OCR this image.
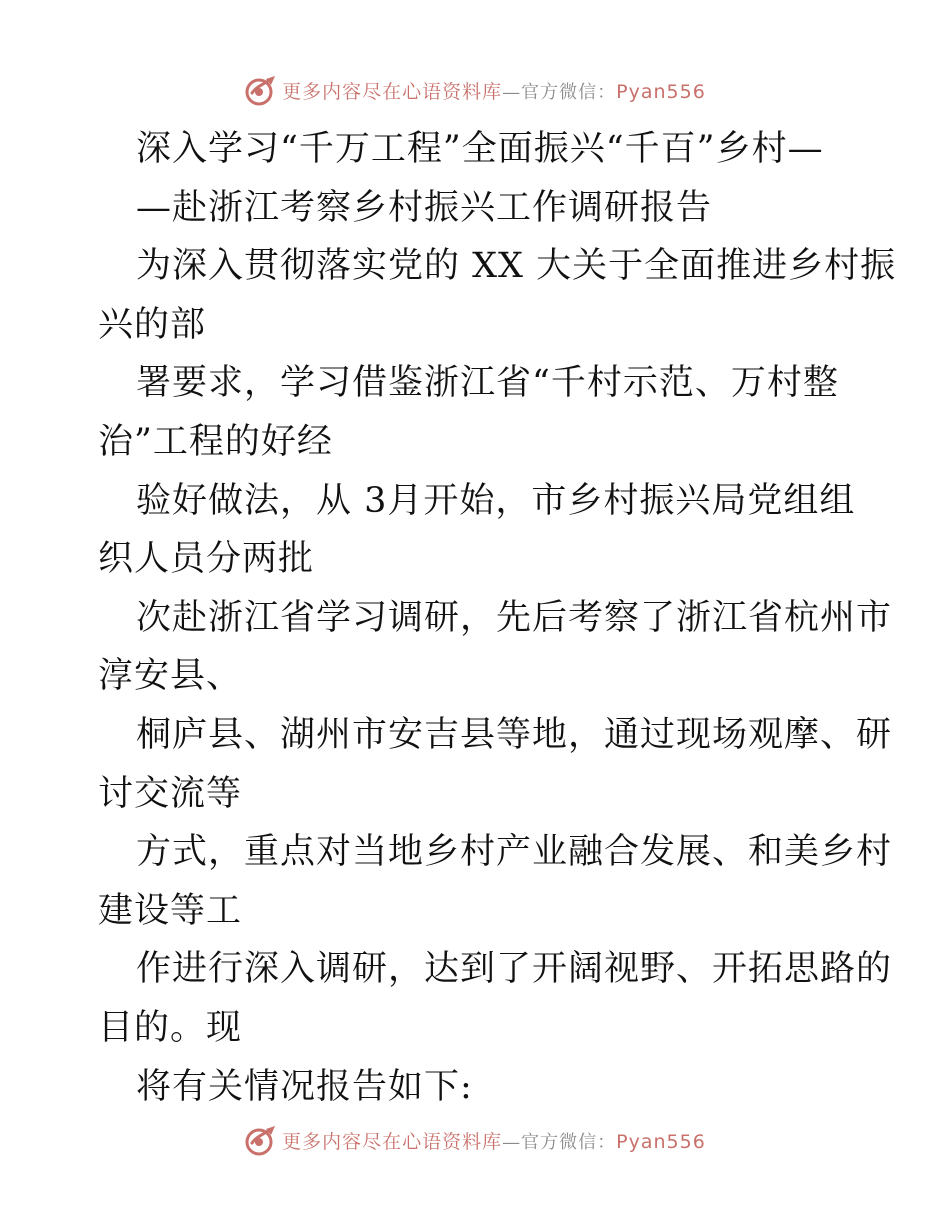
更多内容尽在心语资料库—官方微信：Pyan556
深入学习“千万工程”全面振兴“千百”乡村—
—赴浙江考察乡村振兴工作调研报告
为深入贯彻落实党的 XX 大关于全面推进乡村振
兴的部
署要求，学习借鉴浙江省“千村示范、万村整
治”工程的好经
验好做法，从 3月开始，市乡村振兴局党组组
织人员分两批
次赴浙江省学习调研，先后考察了浙江省杭州市
淳安县、
桐庐县、湖州市安吉县等地，通过现场观摩、研
讨交流等
方式，重点对当地乡村产业融合发展、和美乡村
建设等工
作进行深入调研，达到了开阔视野、开拓思路的
目的。现
将有关情况报告如下:
更多内容尽在心语资料库—官方微信：Pyan556
